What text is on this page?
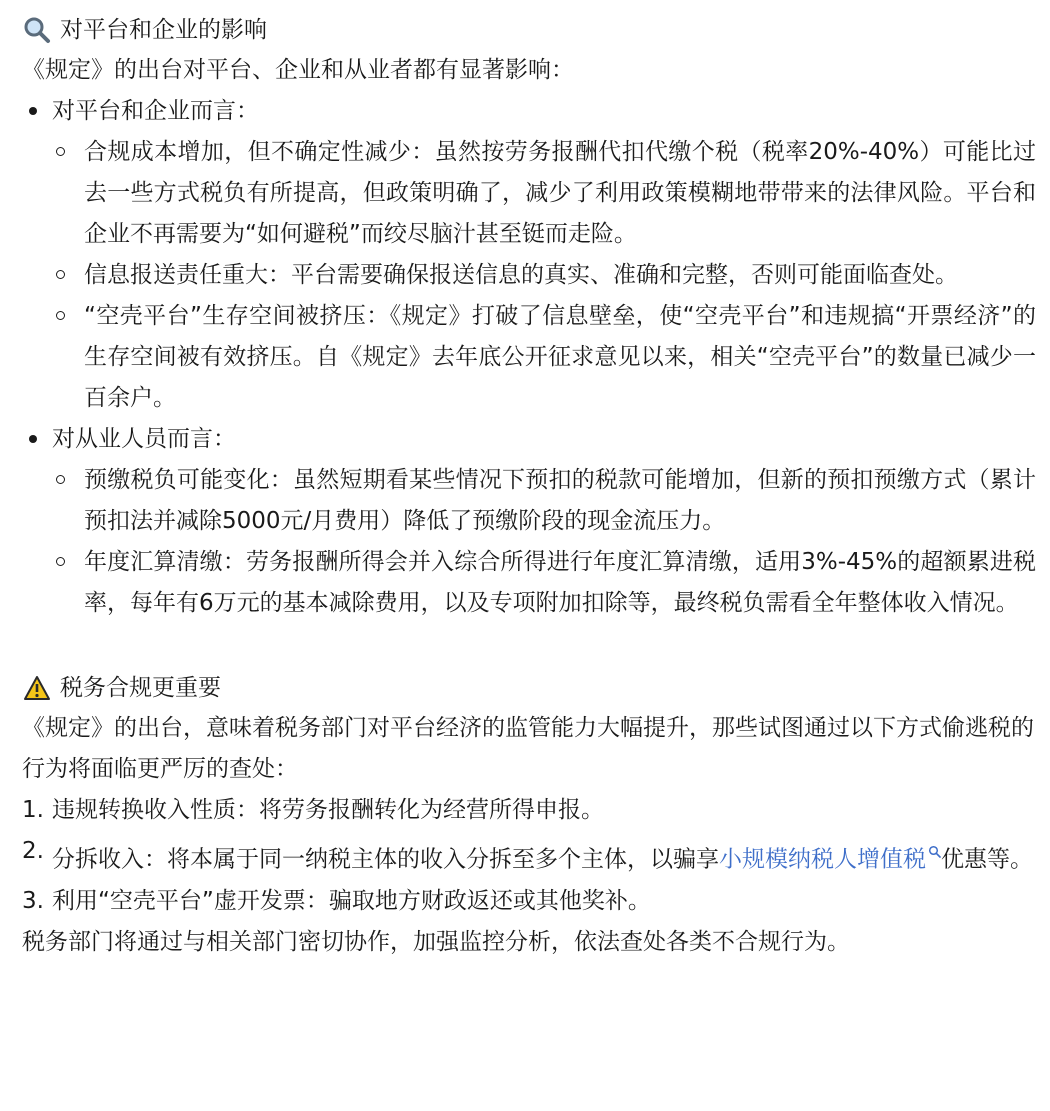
对平台和企业的影响

《规定》的出台对平台、企业和从业者都有显著影响：

对平台和企业而言：
合规成本增加，但不确定性减少：虽然按劳务报酬代扣代缴个税（税率20%-40%）可能比过去一些方式税负有所提高，但政策明确了，减少了利用政策模糊地带带来的法律风险。平台和企业不再需要为“如何避税”而绞尽脑汁甚至铤而走险。
信息报送责任重大：平台需要确保报送信息的真实、准确和完整，否则可能面临查处。
“空壳平台”生存空间被挤压：《规定》打破了信息壁垒，使“空壳平台”和违规搞“开票经济”的生存空间被有效挤压。自《规定》去年底公开征求意见以来，相关“空壳平台”的数量已减少一百余户。
对从业人员而言：
预缴税负可能变化：虽然短期看某些情况下预扣的税款可能增加，但新的预扣预缴方式（累计预扣法并减除5000元/月费用）降低了预缴阶段的现金流压力。
年度汇算清缴：劳务报酬所得会并入综合所得进行年度汇算清缴，适用3%-45%的超额累进税率，每年有6万元的基本减除费用，以及专项附加扣除等，最终税负需看全年整体收入情况。
税务合规更重要

《规定》的出台，意味着税务部门对平台经济的监管能力大幅提升，那些试图通过以下方式偷逃税的行为将面临更严厉的查处：

1. 违规转换收入性质：将劳务报酬转化为经营所得申报。
2. 分拆收入：将本属于同一纳税主体的收入分拆至多个主体，以骗享小规模纳税人增值税 优惠等。
3. 利用“空壳平台”虚开发票：骗取地方财政返还或其他奖补。

税务部门将通过与相关部门密切协作，加强监控分析，依法查处各类不合规行为。
